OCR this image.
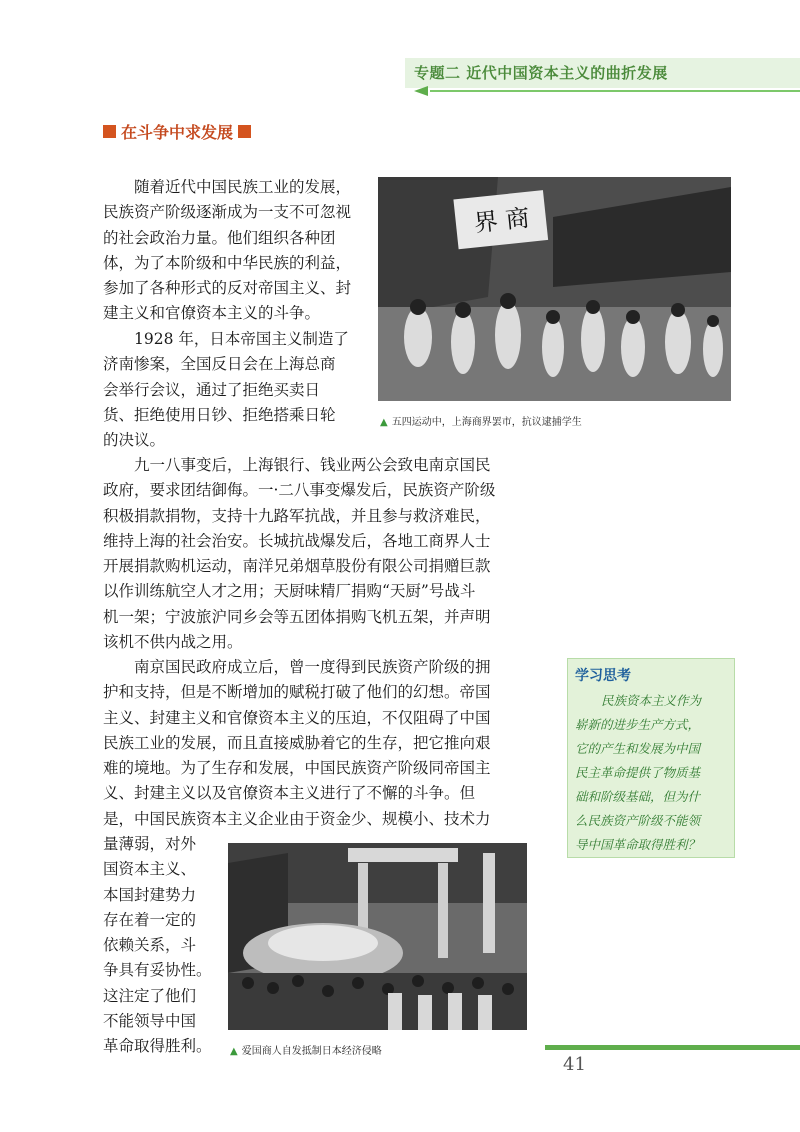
专题二 近代中国资本主义的曲折发展
在斗争中求发展
随着近代中国民族工业的发展，
民族资产阶级逐渐成为一支不可忽视
的社会政治力量。他们组织各种团
体，为了本阶级和中华民族的利益，
参加了各种形式的反对帝国主义、封
建主义和官僚资本主义的斗争。
1928 年，日本帝国主义制造了
济南惨案，全国反日会在上海总商
会举行会议，通过了拒绝买卖日
货、拒绝使用日钞、拒绝搭乘日轮
的决议。
界 商
▲ 五四运动中，上海商界罢市，抗议逮捕学生
九一八事变后，上海银行、钱业两公会致电南京国民
政府，要求团结御侮。一·二八事变爆发后，民族资产阶级
积极捐款捐物，支持十九路军抗战，并且参与救济难民，
维持上海的社会治安。长城抗战爆发后，各地工商界人士
开展捐款购机运动，南洋兄弟烟草股份有限公司捐赠巨款
以作训练航空人才之用；天厨味精厂捐购“天厨”号战斗
机一架；宁波旅沪同乡会等五团体捐购飞机五架，并声明
该机不供内战之用。
南京国民政府成立后，曾一度得到民族资产阶级的拥
护和支持，但是不断增加的赋税打破了他们的幻想。帝国
主义、封建主义和官僚资本主义的压迫，不仅阻碍了中国
民族工业的发展，而且直接威胁着它的生存，把它推向艰
难的境地。为了生存和发展，中国民族资产阶级同帝国主
义、封建主义以及官僚资本主义进行了不懈的斗争。但
是，中国民族资本主义企业由于资金少、规模小、技术力
量薄弱，对外
国资本主义、
本国封建势力
存在着一定的
依赖关系，斗
争具有妥协性。
这注定了他们
不能领导中国
革命取得胜利。	▲ 爱国商人自发抵制日本经济侵略
学习思考
民族资本主义作为
崭新的进步生产方式，
它的产生和发展为中国
民主革命提供了物质基
础和阶级基础，但为什
么民族资产阶级不能领
导中国革命取得胜利？
41
